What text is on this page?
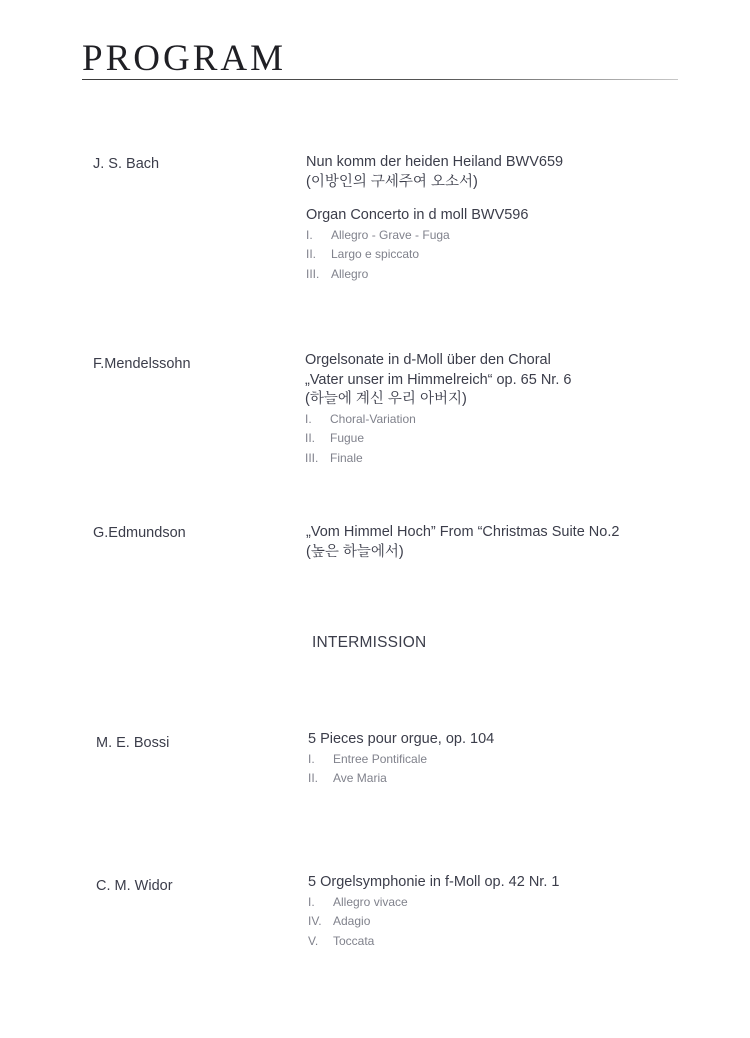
PROGRAM
J. S. Bach	Nun komm der heiden Heiland BWV659
(이방인의 구세주여 오소서)
Organ Concerto in d moll BWV596
I. Allegro - Grave - Fuga
II. Largo e spiccato
III. Allegro
F.Mendelssohn	Orgelsonate in d-Moll über den Choral
„Vater unser im Himmelreich“ op. 65 Nr. 6
(하늘에 계신 우리 아버지)
I. Choral-Variation
II. Fugue
III. Finale
G.Edmundson	„Vom Himmel Hoch” From “Christmas Suite No.2
(높은 하늘에서)
INTERMISSION
M. E. Bossi	5 Pieces pour orgue, op. 104
I. Entree Pontificale
II. Ave Maria
C. M. Widor	5 Orgelsymphonie in f-Moll op. 42 Nr. 1
I. Allegro vivace
IV. Adagio
V. Toccata
